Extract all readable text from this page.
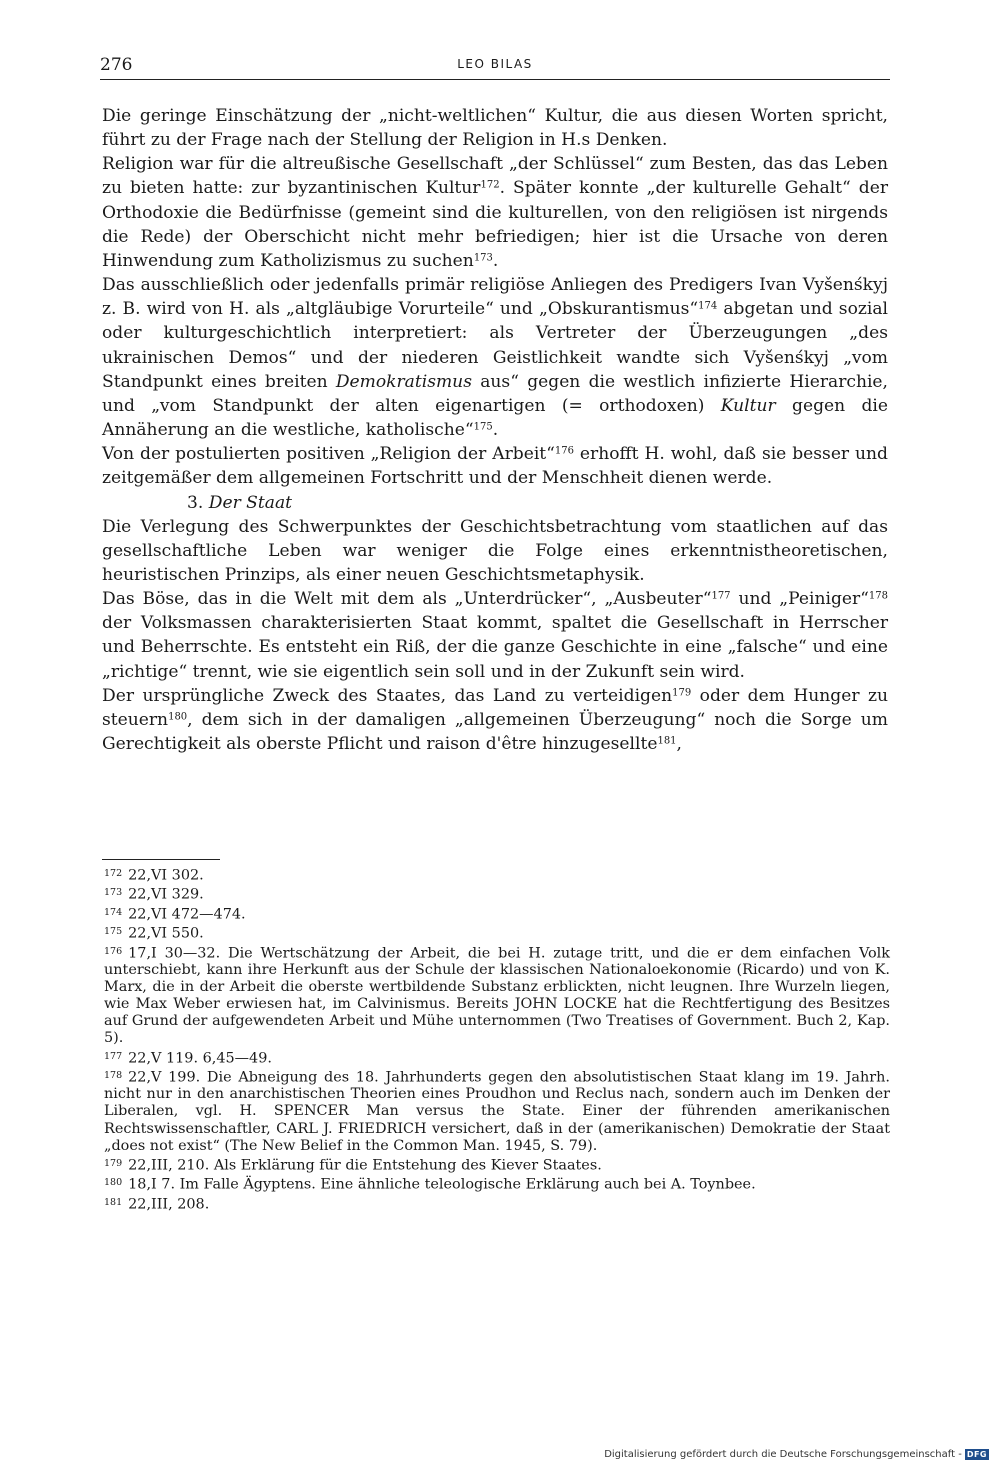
276	LEO BILAS

Die geringe Einschätzung der „nicht-weltlichen“ Kultur, die aus diesen Worten spricht, führt zu der Frage nach der Stellung der Religion in H.s Denken.

Religion war für die altreußische Gesellschaft „der Schlüssel“ zum Besten, das das Leben zu bieten hatte: zur byzantinischen Kultur$^{172}$. Später konnte „der kulturelle Gehalt“ der Orthodoxie die Bedürfnisse (gemeint sind die kulturellen, von den religiösen ist nirgends die Rede) der Oberschicht nicht mehr befriedigen; hier ist die Ursache von deren Hinwendung zum Katholizismus zu suchen$^{173}$.

Das ausschließlich oder jedenfalls primär religiöse Anliegen des Predigers Ivan Vyšenśkyj z. B. wird von H. als „altgläubige Vorurteile“ und „Obskurantismus“$^{174}$ abgetan und sozial oder kulturgeschichtlich interpretiert: als Vertreter der Überzeugungen „des ukrainischen Demos“ und der niederen Geistlichkeit wandte sich Vyšenśkyj „vom Standpunkt eines breiten Demokratismus aus“ gegen die westlich infizierte Hierarchie, und „vom Standpunkt der alten eigenartigen (= orthodoxen) Kultur gegen die Annäherung an die westliche, katholische“$^{175}$.

Von der postulierten positiven „Religion der Arbeit“$^{176}$ erhofft H. wohl, daß sie besser und zeitgemäßer dem allgemeinen Fortschritt und der Menschheit dienen werde.

3. Der Staat

Die Verlegung des Schwerpunktes der Geschichtsbetrachtung vom staatlichen auf das gesellschaftliche Leben war weniger die Folge eines erkenntnistheoretischen, heuristischen Prinzips, als einer neuen Geschichtsmetaphysik.

Das Böse, das in die Welt mit dem als „Unterdrücker“, „Ausbeuter“$^{177}$ und „Peiniger“$^{178}$ der Volksmassen charakterisierten Staat kommt, spaltet die Gesellschaft in Herrscher und Beherrschte. Es entsteht ein Riß, der die ganze Geschichte in eine „falsche“ und eine „richtige“ trennt, wie sie eigentlich sein soll und in der Zukunft sein wird.

Der ursprüngliche Zweck des Staates, das Land zu verteidigen$^{179}$ oder dem Hunger zu steuern$^{180}$, dem sich in der damaligen „allgemeinen Überzeugung“ noch die Sorge um Gerechtigkeit als oberste Pflicht und raison d'être hinzugesellte$^{181}$,

$^{172}$ 22,VI 302.

$^{173}$ 22,VI 329.

$^{174}$ 22,VI 472—474.

$^{175}$ 22,VI 550.

$^{176}$ 17,I 30—32. Die Wertschätzung der Arbeit, die bei H. zutage tritt, und die er dem einfachen Volk unterschiebt, kann ihre Herkunft aus der Schule der klassischen Nationaloekonomie (Ricardo) und von K. Marx, die in der Arbeit die oberste wertbildende Substanz erblickten, nicht leugnen. Ihre Wurzeln liegen, wie Max Weber erwiesen hat, im Calvinismus. Bereits JOHN LOCKE hat die Rechtfertigung des Besitzes auf Grund der aufgewendeten Arbeit und Mühe unternommen (Two Treatises of Government. Buch 2, Kap. 5).

$^{177}$ 22,V 119. 6,45—49.

$^{178}$ 22,V 199. Die Abneigung des 18. Jahrhunderts gegen den absolutistischen Staat klang im 19. Jahrh. nicht nur in den anarchistischen Theorien eines Proudhon und Reclus nach, sondern auch im Denken der Liberalen, vgl. H. SPENCER Man versus the State. Einer der führenden amerikanischen Rechtswissenschaftler, CARL J. FRIEDRICH versichert, daß in der (amerikanischen) Demokratie der Staat „does not exist“ (The New Belief in the Common Man. 1945, S. 79).

$^{179}$ 22,III, 210. Als Erklärung für die Entstehung des Kiever Staates.

$^{180}$ 18,I 7. Im Falle Ägyptens. Eine ähnliche teleologische Erklärung auch bei A. Toynbee.

$^{181}$ 22,III, 208.

Digitalisierung gefördert durch die Deutsche Forschungsgemeinschaft - DFG
